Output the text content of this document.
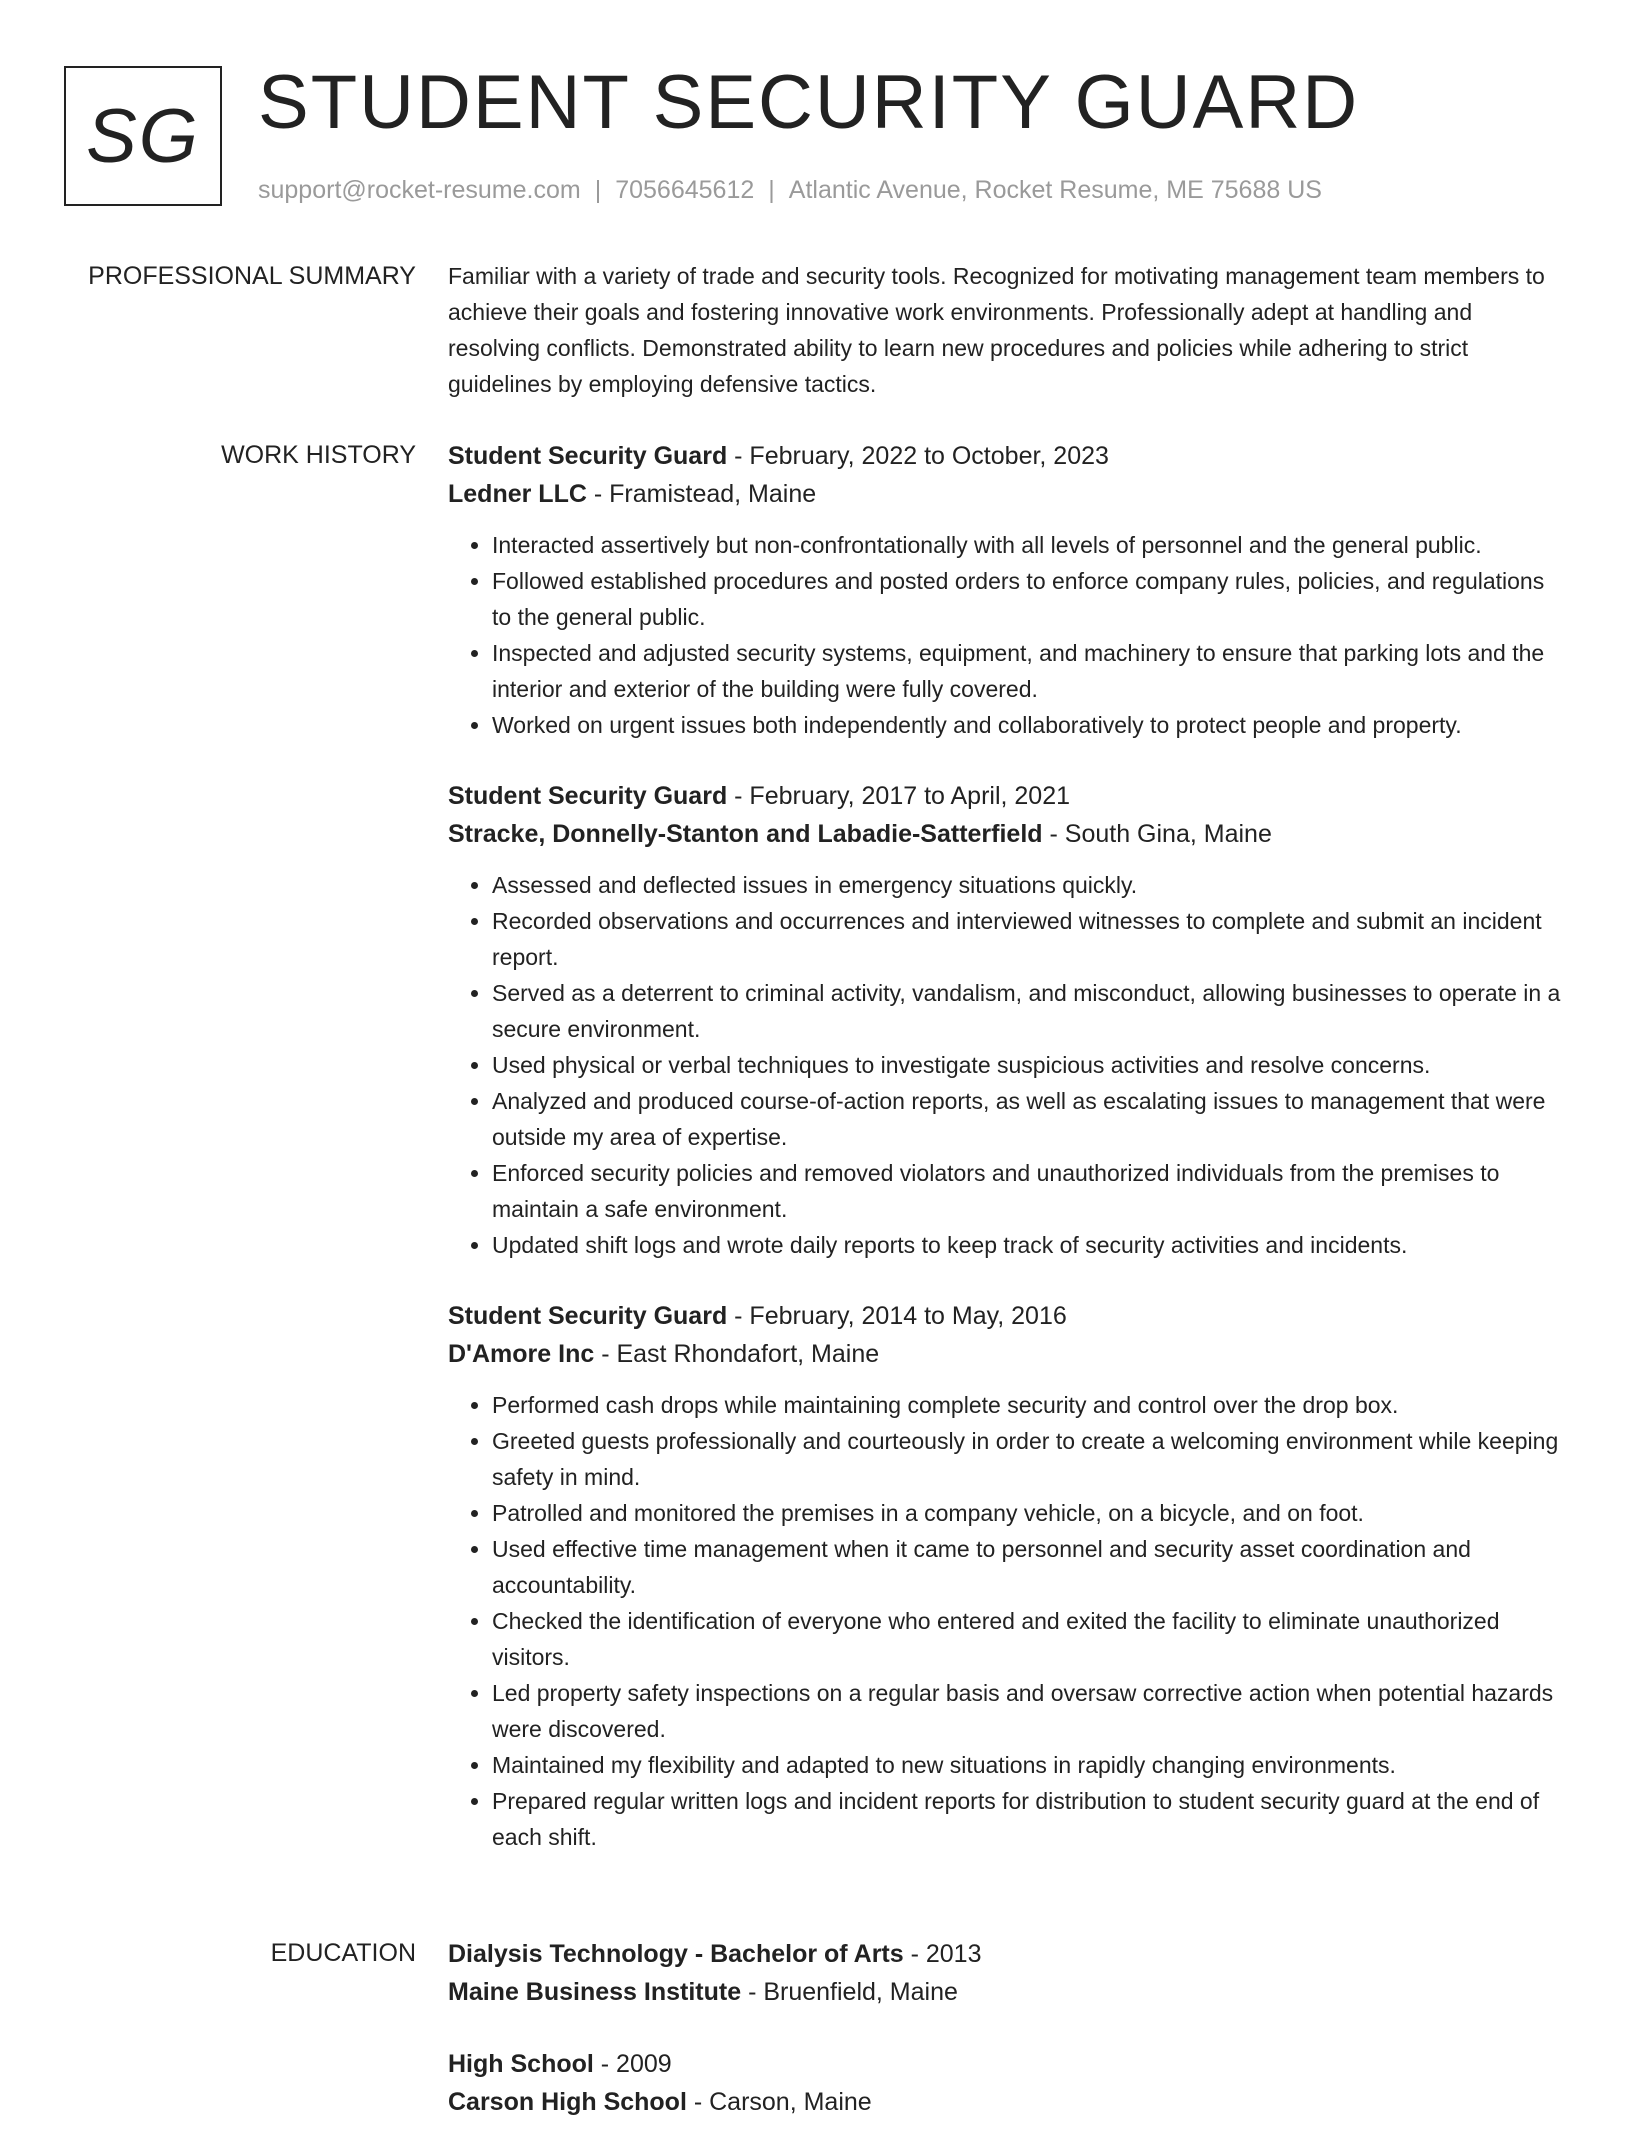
SG STUDENT SECURITY GUARD
support@rocket-resume.com | 7056645612 | Atlantic Avenue, Rocket Resume, ME 75688 US
PROFESSIONAL SUMMARY Familiar with a variety of trade and security tools. Recognized for motivating management team members to achieve their goals and fostering innovative work environments. Professionally adept at handling and resolving conflicts. Demonstrated ability to learn new procedures and policies while adhering to strict guidelines by employing defensive tactics.

WORK HISTORY Student Security Guard - February, 2022 to October, 2023
Ledner LLC - Framistead, Maine
• Interacted assertively but non-confrontationally with all levels of personnel and the general public.
• Followed established procedures and posted orders to enforce company rules, policies, and regulations to the general public.
• Inspected and adjusted security systems, equipment, and machinery to ensure that parking lots and the interior and exterior of the building were fully covered.
• Worked on urgent issues both independently and collaboratively to protect people and property.
Student Security Guard - February, 2017 to April, 2021
Stracke, Donnelly-Stanton and Labadie-Satterfield - South Gina, Maine
• Assessed and deflected issues in emergency situations quickly.
• Recorded observations and occurrences and interviewed witnesses to complete and submit an incident report.
• Served as a deterrent to criminal activity, vandalism, and misconduct, allowing businesses to operate in a secure environment.
• Used physical or verbal techniques to investigate suspicious activities and resolve concerns.
• Analyzed and produced course-of-action reports, as well as escalating issues to management that were outside my area of expertise.
• Enforced security policies and removed violators and unauthorized individuals from the premises to maintain a safe environment.
• Updated shift logs and wrote daily reports to keep track of security activities and incidents.
Student Security Guard - February, 2014 to May, 2016
D'Amore Inc - East Rhondafort, Maine
• Performed cash drops while maintaining complete security and control over the drop box.
• Greeted guests professionally and courteously in order to create a welcoming environment while keeping safety in mind.
• Patrolled and monitored the premises in a company vehicle, on a bicycle, and on foot.
• Used effective time management when it came to personnel and security asset coordination and accountability.
• Checked the identification of everyone who entered and exited the facility to eliminate unauthorized visitors.
• Led property safety inspections on a regular basis and oversaw corrective action when potential hazards were discovered.
• Maintained my flexibility and adapted to new situations in rapidly changing environments.
• Prepared regular written logs and incident reports for distribution to student security guard at the end of each shift.
EDUCATION Dialysis Technology - Bachelor of Arts - 2013
Maine Business Institute - Bruenfield, Maine
High School - 2009
Carson High School - Carson, Maine
